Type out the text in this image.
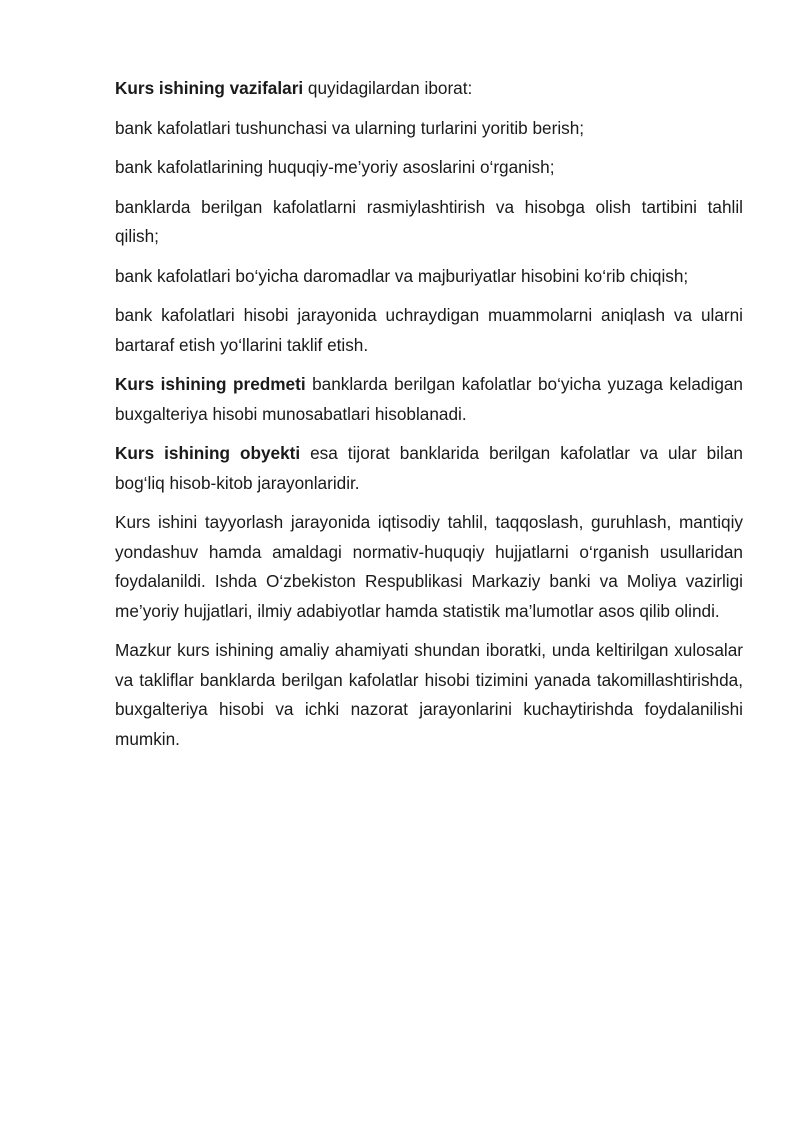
Kurs ishining vazifalari quyidagilardan iborat:

bank kafolatlari tushunchasi va ularning turlarini yoritib berish;

bank kafolatlarining huquqiy-me’yoriy asoslarini o‘rganish;

banklarda berilgan kafolatlarni rasmiylashtirish va hisobga olish tartibini tahlil qilish;

bank kafolatlari bo‘yicha daromadlar va majburiyatlar hisobini ko‘rib chiqish;

bank kafolatlari hisobi jarayonida uchraydigan muammolarni aniqlash va ularni bartaraf etish yo‘llarini taklif etish.

Kurs ishining predmeti banklarda berilgan kafolatlar bo‘yicha yuzaga keladigan buxgalteriya hisobi munosabatlari hisoblanadi.

Kurs ishining obyekti esa tijorat banklarida berilgan kafolatlar va ular bilan bog‘liq hisob-kitob jarayonlaridir.

Kurs ishini tayyorlash jarayonida iqtisodiy tahlil, taqqoslash, guruhlash, mantiqiy yondashuv hamda amaldagi normativ-huquqiy hujjatlarni o‘rganish usullaridan foydalanildi. Ishda O‘zbekiston Respublikasi Markaziy banki va Moliya vazirligi me’yoriy hujjatlari, ilmiy adabiyotlar hamda statistik ma’lumotlar asos qilib olindi.

Mazkur kurs ishining amaliy ahamiyati shundan iboratki, unda keltirilgan xulosalar va takliflar banklarda berilgan kafolatlar hisobi tizimini yanada takomillashtirishda, buxgalteriya hisobi va ichki nazorat jarayonlarini kuchaytirishda foydalanilishi mumkin.
